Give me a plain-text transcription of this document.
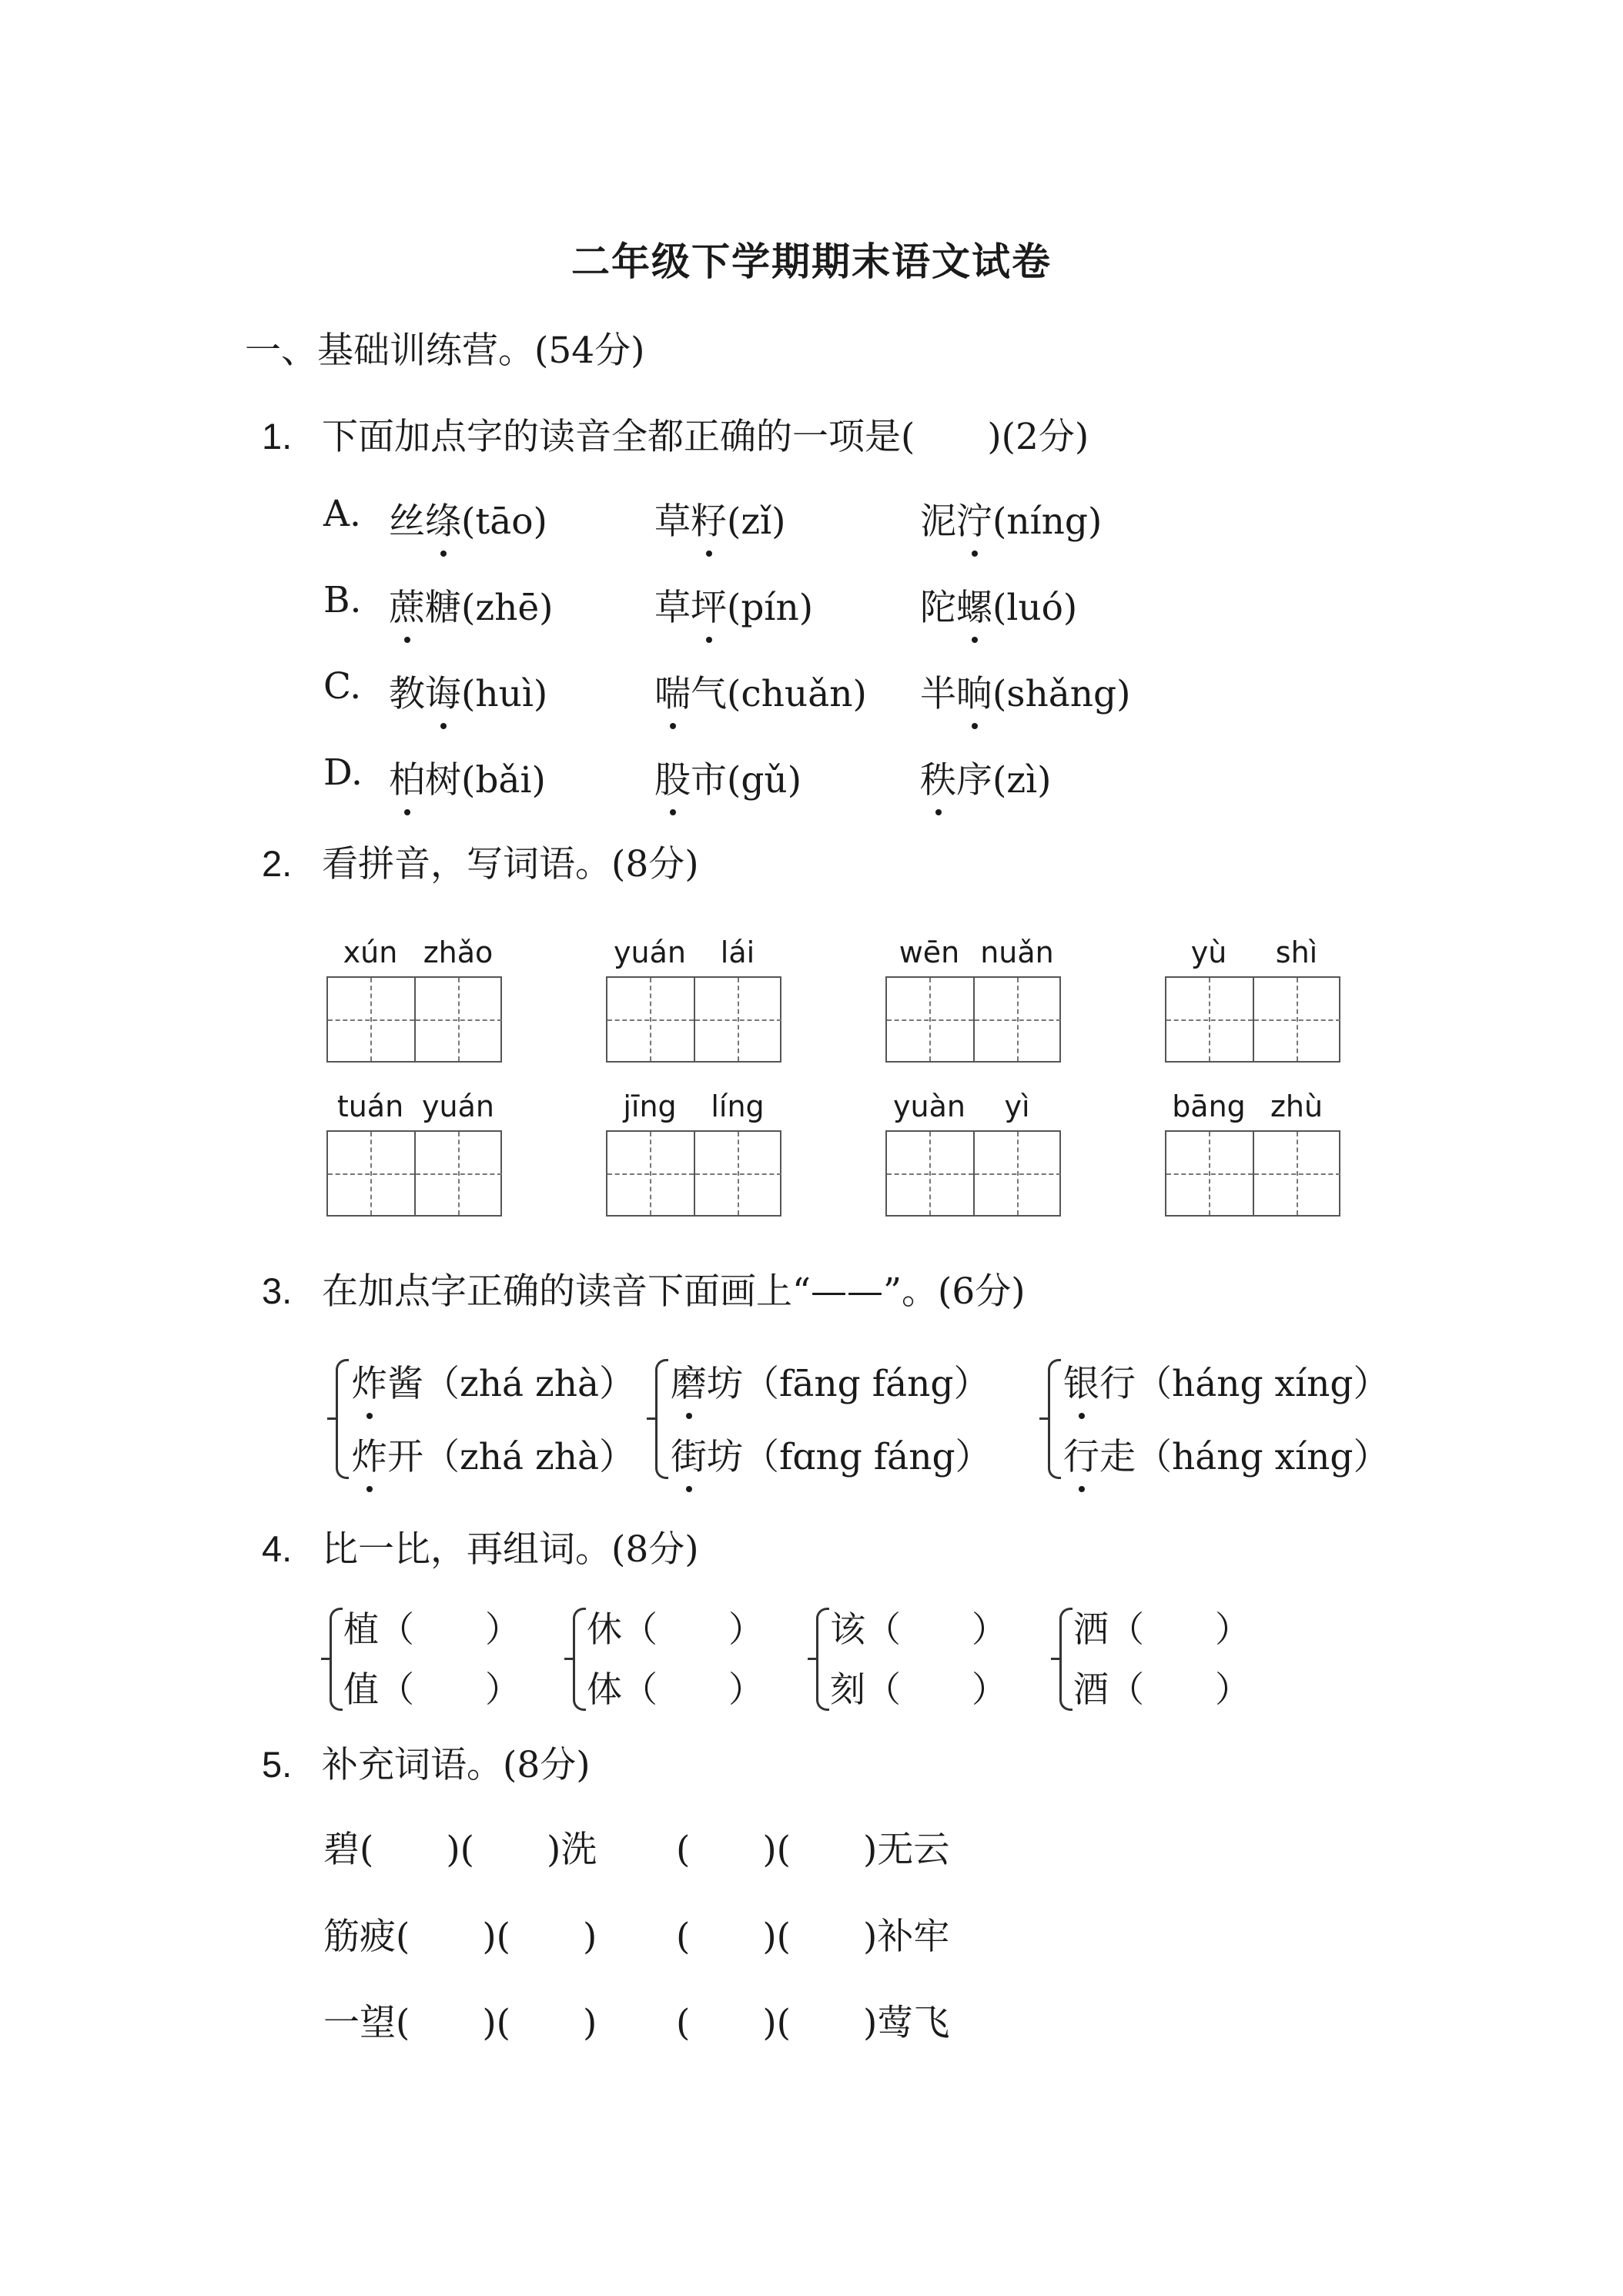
二年级下学期期末语文试卷
一、基础训练营。(54分)
1. 下面加点字的读音全都正确的一项是(　　)(2分)
A. 丝绦(tāo)	草籽(zǐ)	泥泞(níng)
B. 蔗糖(zhē)	草坪(pín)	陀螺(luó)
C. 教诲(huì)	喘气(chuǎn) 半晌(shǎng)
D. 柏树(bǎi)	股市(gǔ)	秩序(zì)
2. 看拼音，写词语。(8分)
xún zhǎo	yuán lái	wēn nuǎn	yù shì
tuán yuán	jīng líng	yuàn yì	bāng zhù
3. 在加点字正确的读音下面画上“——”。(6分)
炸酱（zhá zhà）
炸开（zhá zhà）
磨坊（fāng fáng）
街坊（fɑng fáng）
银行（háng xíng）
行走（háng xíng）
4. 比一比，再组词。(8分)
植（　　）
值（　　）
休（　　）
体（　　）
该（　　）
刻（　　）
洒（　　）
酒（　　）
5. 补充词语。(8分)
碧(　　)(　　)洗 (　　)(　　)无云
筋疲(　　)(　　) (　　)(　　)补牢
一望(　　)(　　) (　　)(　　)莺飞
